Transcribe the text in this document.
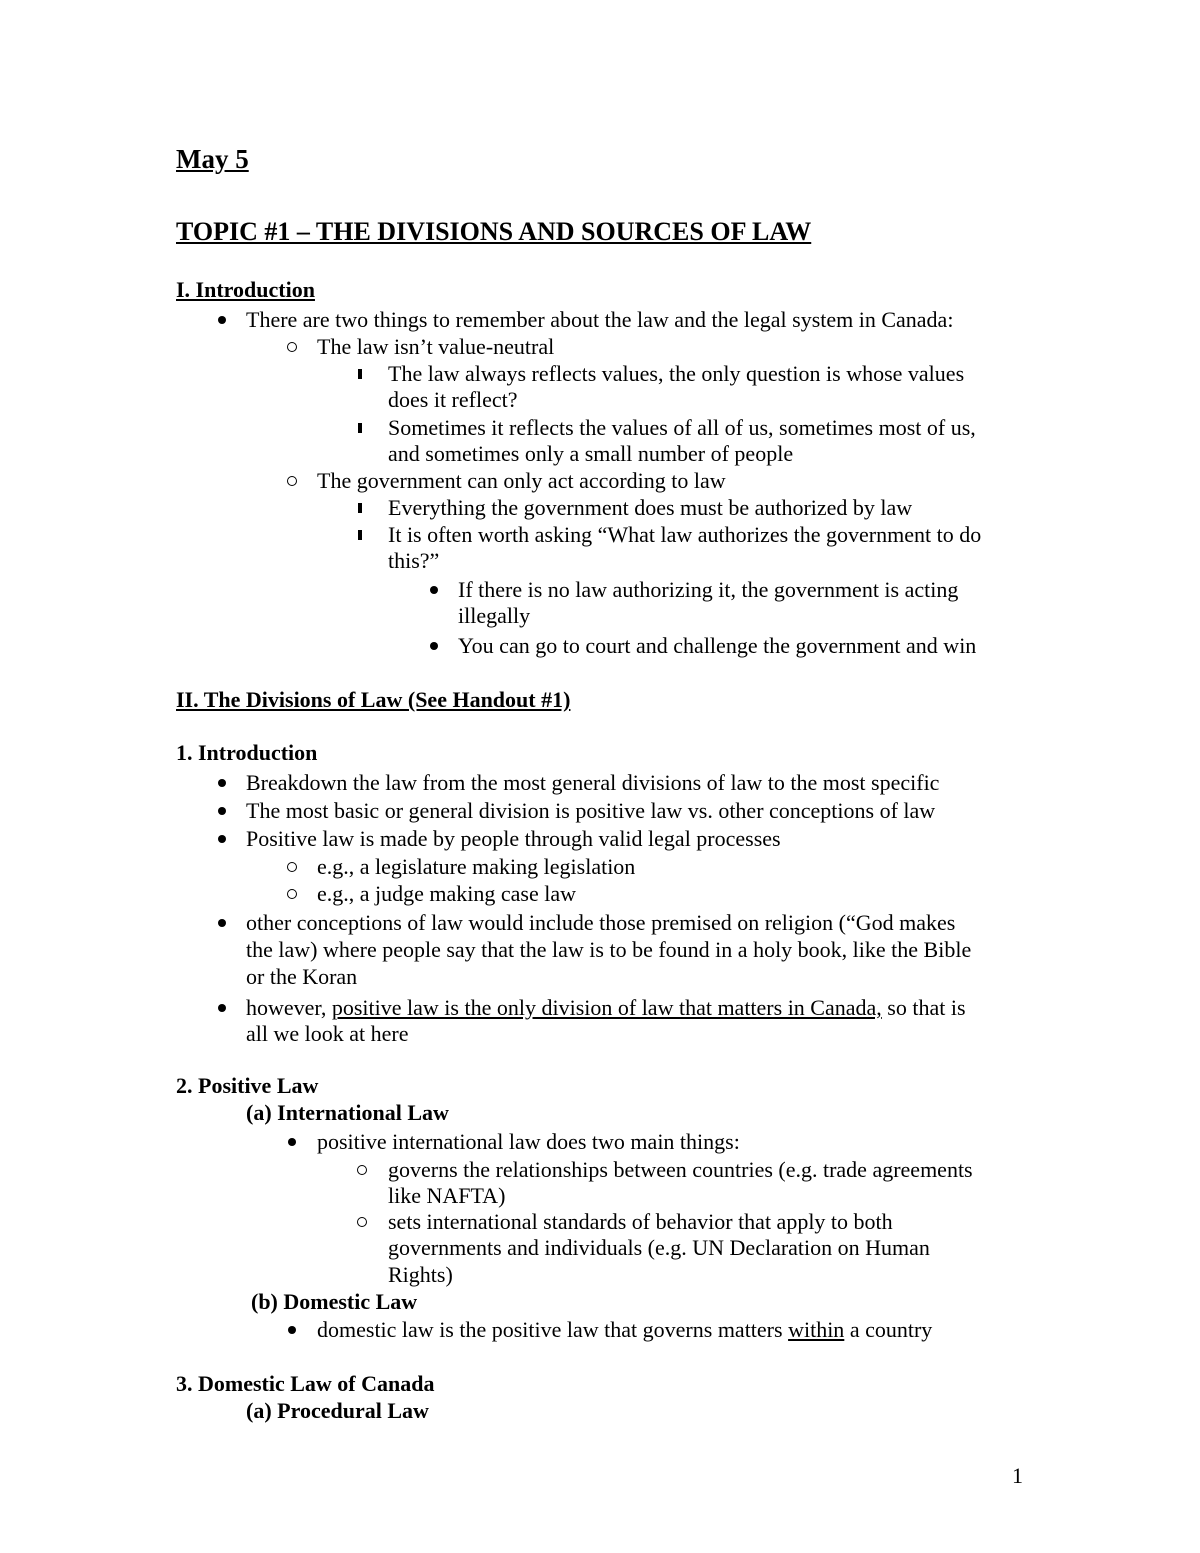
May 5
TOPIC #1 – THE DIVISIONS AND SOURCES OF LAW
I. Introduction
There are two things to remember about the law and the legal system in Canada:
The law isn’t value-neutral
The law always reflects values, the only question is whose values
does it reflect?
Sometimes it reflects the values of all of us, sometimes most of us,
and sometimes only a small number of people
The government can only act according to law
Everything the government does must be authorized by law
It is often worth asking “What law authorizes the government to do
this?”
If there is no law authorizing it, the government is acting
illegally
You can go to court and challenge the government and win
II. The Divisions of Law (See Handout #1)
1. Introduction
Breakdown the law from the most general divisions of law to the most specific
The most basic or general division is positive law vs. other conceptions of law
Positive law is made by people through valid legal processes
e.g., a legislature making legislation
e.g., a judge making case law
other conceptions of law would include those premised on religion (“God makes
the law) where people say that the law is to be found in a holy book, like the Bible
or the Koran
however, positive law is the only division of law that matters in Canada, so that is
all we look at here
2. Positive Law
(a) International Law
positive international law does two main things:
governs the relationships between countries (e.g. trade agreements
like NAFTA)
sets international standards of behavior that apply to both
governments and individuals (e.g. UN Declaration on Human
Rights)
(b) Domestic Law
domestic law is the positive law that governs matters within a country
3. Domestic Law of Canada
(a) Procedural Law
1
